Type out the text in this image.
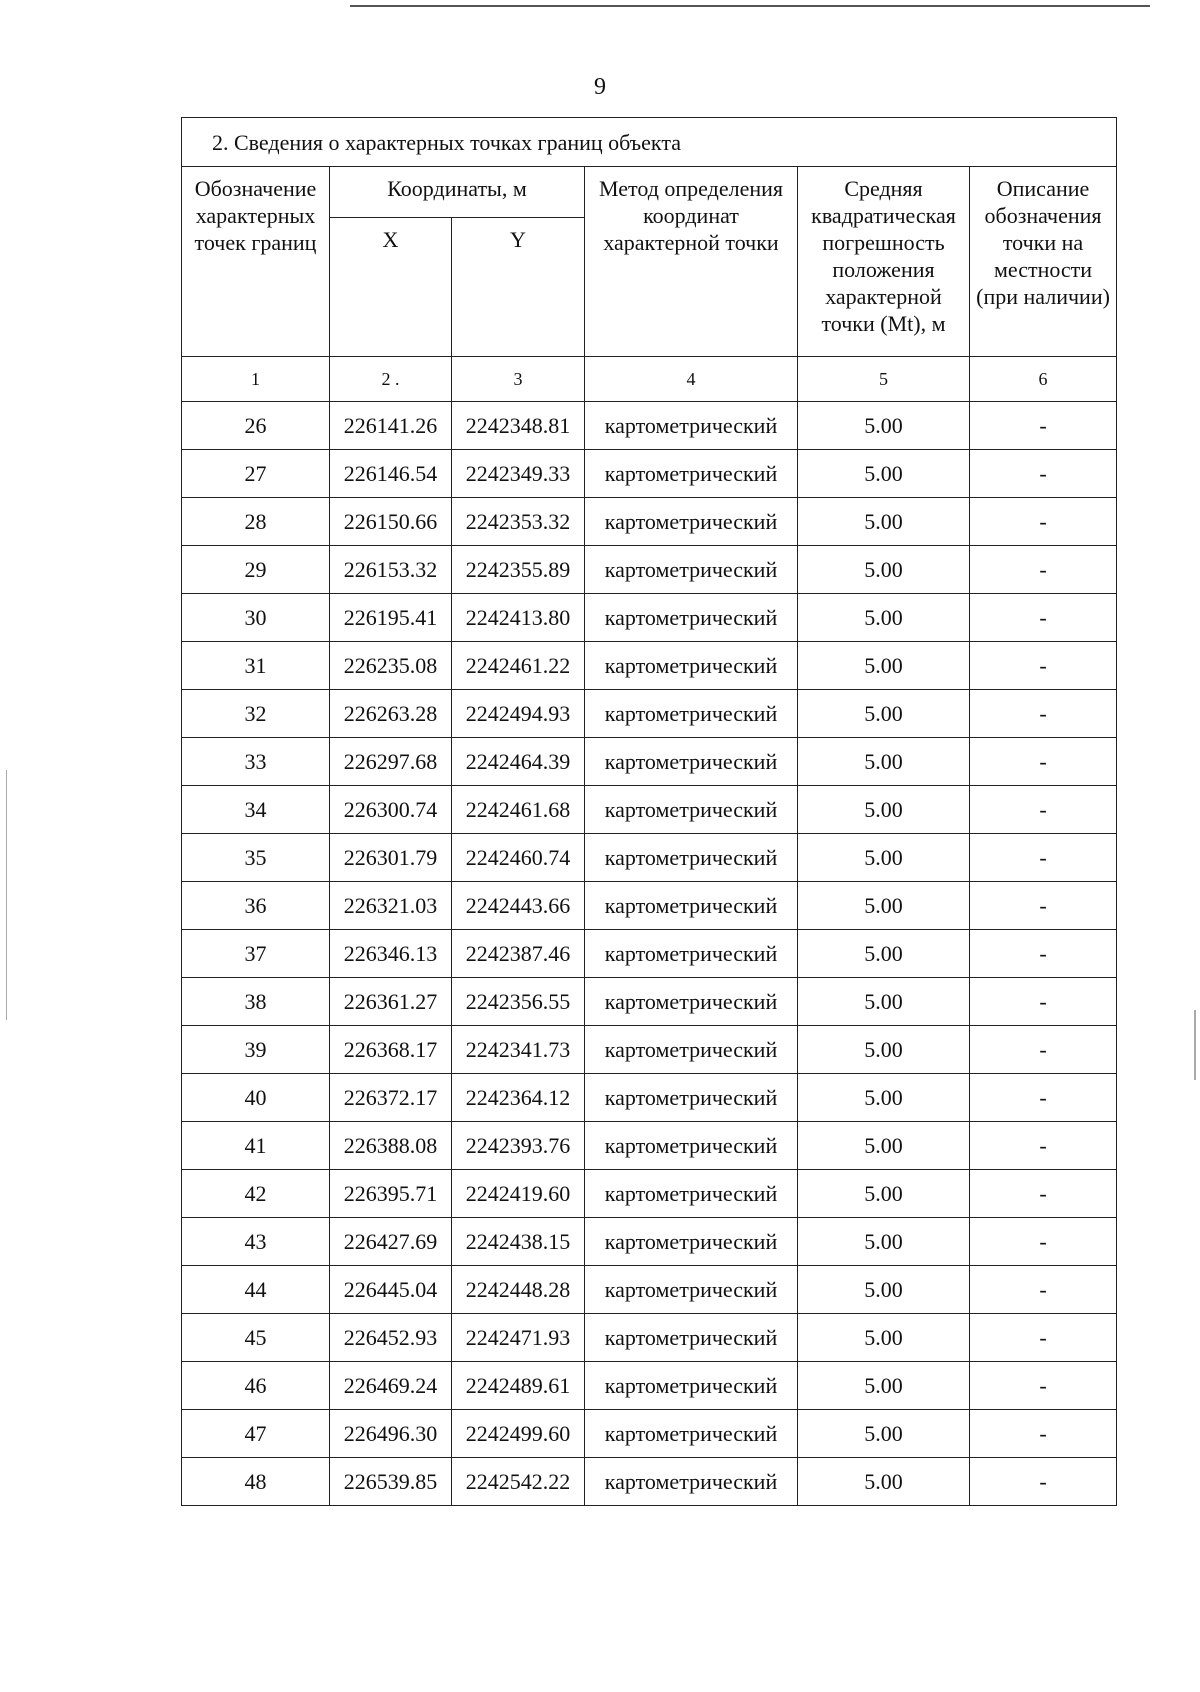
9
2. Сведения о характерных точках границ объекта					
Обозначение характерных точек границ	Координаты, м		Метод определения координат характерной точки	Средняя квадратическая погрешность положения характерной точки (Mt), м	Описание обозначения точки на местности (при наличии)
	X	Y			
1	2 .	3	4	5	6
26	226141.26	2242348.81	картометрический	5.00	-
27	226146.54	2242349.33	картометрический	5.00	-
28	226150.66	2242353.32	картометрический	5.00	-
29	226153.32	2242355.89	картометрический	5.00	-
30	226195.41	2242413.80	картометрический	5.00	-
31	226235.08	2242461.22	картометрический	5.00	-
32	226263.28	2242494.93	картометрический	5.00	-
33	226297.68	2242464.39	картометрический	5.00	-
34	226300.74	2242461.68	картометрический	5.00	-
35	226301.79	2242460.74	картометрический	5.00	-
36	226321.03	2242443.66	картометрический	5.00	-
37	226346.13	2242387.46	картометрический	5.00	-
38	226361.27	2242356.55	картометрический	5.00	-
39	226368.17	2242341.73	картометрический	5.00	-
40	226372.17	2242364.12	картометрический	5.00	-
41	226388.08	2242393.76	картометрический	5.00	-
42	226395.71	2242419.60	картометрический	5.00	-
43	226427.69	2242438.15	картометрический	5.00	-
44	226445.04	2242448.28	картометрический	5.00	-
45	226452.93	2242471.93	картометрический	5.00	-
46	226469.24	2242489.61	картометрический	5.00	-
47	226496.30	2242499.60	картометрический	5.00	-
48	226539.85	2242542.22	картометрический	5.00	-
